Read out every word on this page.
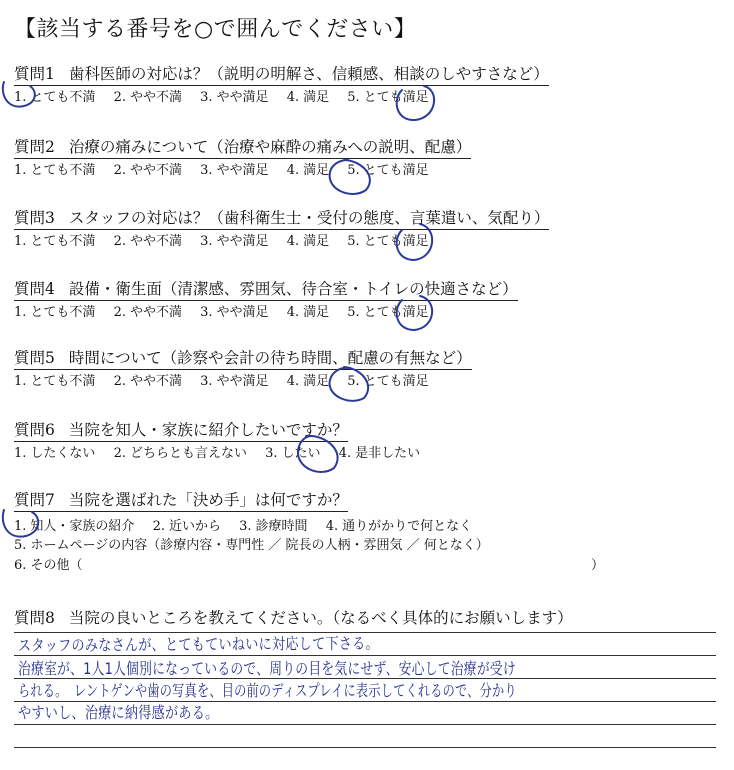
【該当する番号を○で囲んでください】
質問1 歯科医師の対応は？（説明の明解さ、信頼感、相談のしやすさなど）
1. とても不満 2. やや不満 3. やや満足 4. 満足 5. とても満足
質問2 治療の痛みについて（治療や麻酔の痛みへの説明、配慮）
1. とても不満 2. やや不満 3. やや満足 4. 満足 5. とても満足
質問3 スタッフの対応は？（歯科衛生士・受付の態度、言葉遣い、気配り）
1. とても不満 2. やや不満 3. やや満足 4. 満足 5. とても満足
質問4 設備・衛生面（清潔感、雰囲気、待合室・トイレの快適さなど）
1. とても不満 2. やや不満 3. やや満足 4. 満足 5. とても満足
質問5 時間について（診察や会計の待ち時間、配慮の有無など）
1. とても不満 2. やや不満 3. やや満足 4. 満足 5. とても満足
質問6 当院を知人・家族に紹介したいですか？
1. したくない 2. どちらとも言えない 3. したい 4. 是非したい
質問7 当院を選ばれた「決め手」は何ですか？
1. 知人・家族の紹介 2. 近いから 3. 診療時間 4. 通りがかりで何となく
5. ホームページの内容（診療内容・専門性 ／ 院長の人柄・雰囲気 ／ 何となく）
6. その他（	）
質問8 当院の良いところを教えてください。（なるべく具体的にお願いします）
スタッフのみなさんが、とてもていねいに対応して下さる。
治療室が、1人1人個別になっているので、周りの目を気にせず、安心して治療が受け
られる。　レントゲンや歯の写真を、目の前のディスプレイに表示してくれるので、分かり
やすいし、治療に納得感がある。
